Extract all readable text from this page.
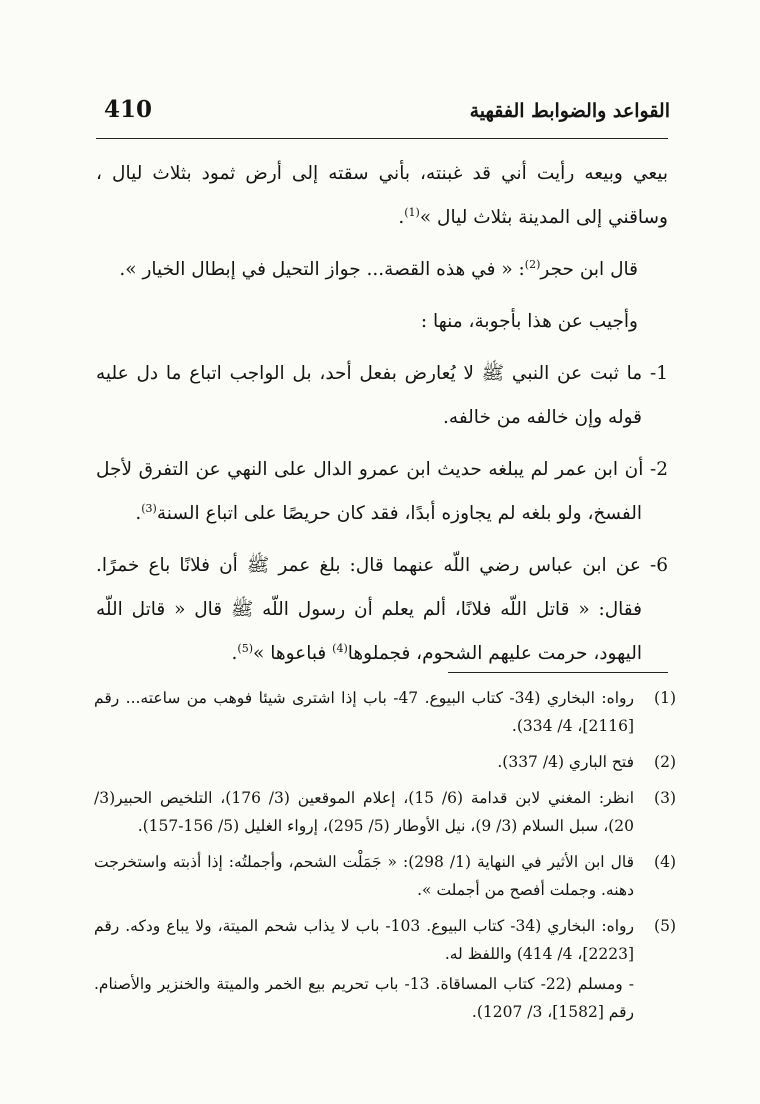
410	القواعد والضوابط الفقهية

بيعي وبيعه رأيت أني قد غبنته، بأني سقته إلى أرض ثمود بثلاث ليال ، وساقني إلى المدينة بثلاث ليال »$^{(1)}$.

قال ابن حجر$^{(2)}$: « في هذه القصة... جواز التحيل في إبطال الخيار ».

وأجيب عن هذا بأجوبة، منها :

1- ما ثبت عن النبي ﷺ لا يُعارض بفعل أحد، بل الواجب اتباع ما دل عليه قوله وإن خالفه من خالفه.

2- أن ابن عمر لم يبلغه حديث ابن عمرو الدال على النهي عن التفرق لأجل الفسخ، ولو بلغه لم يجاوزه أبدًا، فقد كان حريصًا على اتباع السنة$^{(3)}$.

6- عن ابن عباس رضي اللّه عنهما قال: بلغ عمر ﷺ أن فلانًا باع خمرًا. فقال: « قاتل اللّه فلانًا، ألم يعلم أن رسول اللّه ﷺ قال « قاتل اللّه اليهود، حرمت عليهم الشحوم، فجملوها$^{(4)}$ فباعوها »$^{(5)}$.

(1)
رواه: البخاري (34- كتاب البيوع. 47- باب إذا اشترى شيئا فوهب من ساعته... رقم [2116]، 4/ 334).

(2)
فتح الباري (4/ 337).

(3)
انظر: المغني لابن قدامة (6/ 15)، إعلام الموقعين (3/ 176)، التلخيص الحبير(3/ 20)، سبل السلام (3/ 9)، نيل الأوطار (5/ 295)، إرواء الغليل (5/ 156-157).

(4)
قال ابن الأثير في النهاية (1/ 298): « جَمَلْت الشحم، وأجملتُه: إذا أذبته واستخرجت دهنه. وجملت أفصح من أجملت ».

(5)
رواه: البخاري (34- كتاب البيوع. 103- باب لا يذاب شحم الميتة، ولا يباع ودكه. رقم [2223]، 4/ 414) واللفظ له.

- ومسلم (22- كتاب المساقاة. 13- باب تحريم بيع الخمر والميتة والخنزير والأصنام. رقم [1582]، 3/ 1207).
